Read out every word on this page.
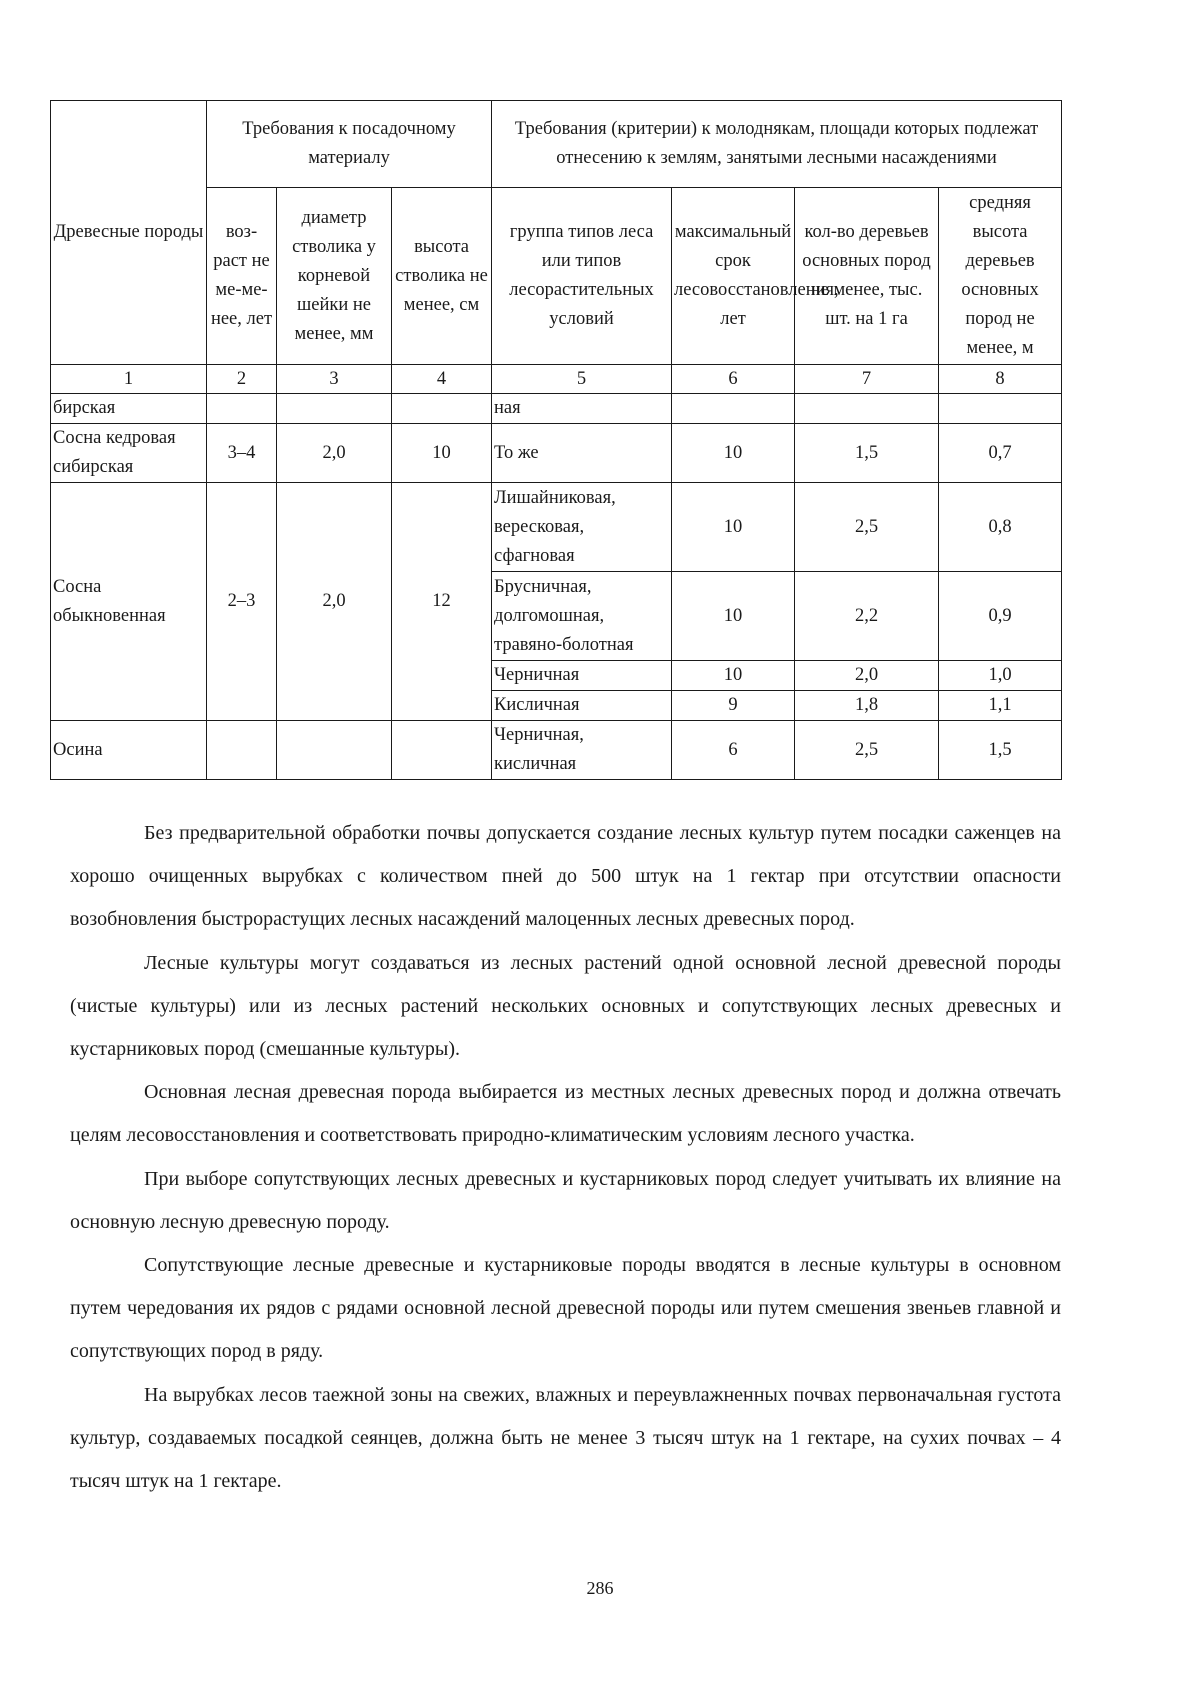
Древесные породы	Требования к посадочному материалу			Требования (критерии) к молоднякам, площади которых подлежат отнесению к землям, занятыми лесными насаждениями			
	воз-раст не ме-ме-нее, лет	диаметр стволика у корневой шейки не менее, мм	высота стволика не менее, см	группа типов леса или типов лесорастительных условий	максимальный срок лесовосстановления, лет	кол-во деревьев основных пород не менее, тыс. шт. на 1 га	средняя высота деревьев основных пород не менее, м
1	2	3	4	5	6	7	8
бирская				ная			
Сосна кедровая сибирская	3–4	2,0	10	То же	10	1,5	0,7
Сосна обыкновенная	2–3	2,0	12	Лишайниковая, вересковая, сфагновая	10	2,5	0,8
				Брусничная, долгомошная, травяно-болотная	10	2,2	0,9
				Черничная	10	2,0	1,0
				Кисличная	9	1,8	1,1
Осина				Черничная, кисличная	6	2,5	1,5

Без предварительной обработки почвы допускается создание лесных культур путем посадки саженцев на хорошо очищенных вырубках с количеством пней до 500 штук на 1 гектар при отсутствии опасности возобновления быстрорастущих лесных насаждений малоценных лесных древесных пород.

Лесные культуры могут создаваться из лесных растений одной основной лесной древесной породы (чистые культуры) или из лесных растений нескольких основных и сопутствующих лесных древесных и кустарниковых пород (смешанные культуры).

Основная лесная древесная порода выбирается из местных лесных древесных пород и должна отвечать целям лесовосстановления и соответствовать природно-климатическим условиям лесного участка.

При выборе сопутствующих лесных древесных и кустарниковых пород следует учитывать их влияние на основную лесную древесную породу.

Сопутствующие лесные древесные и кустарниковые породы вводятся в лесные культуры в основном путем чередования их рядов с рядами основной лесной древесной породы или путем смешения звеньев главной и сопутствующих пород в ряду.

На вырубках лесов таежной зоны на свежих, влажных и переувлажненных почвах первоначальная густота культур, создаваемых посадкой сеянцев, должна быть не менее 3 тысяч штук на 1 гектаре, на сухих почвах – 4 тысяч штук на 1 гектаре.

286
